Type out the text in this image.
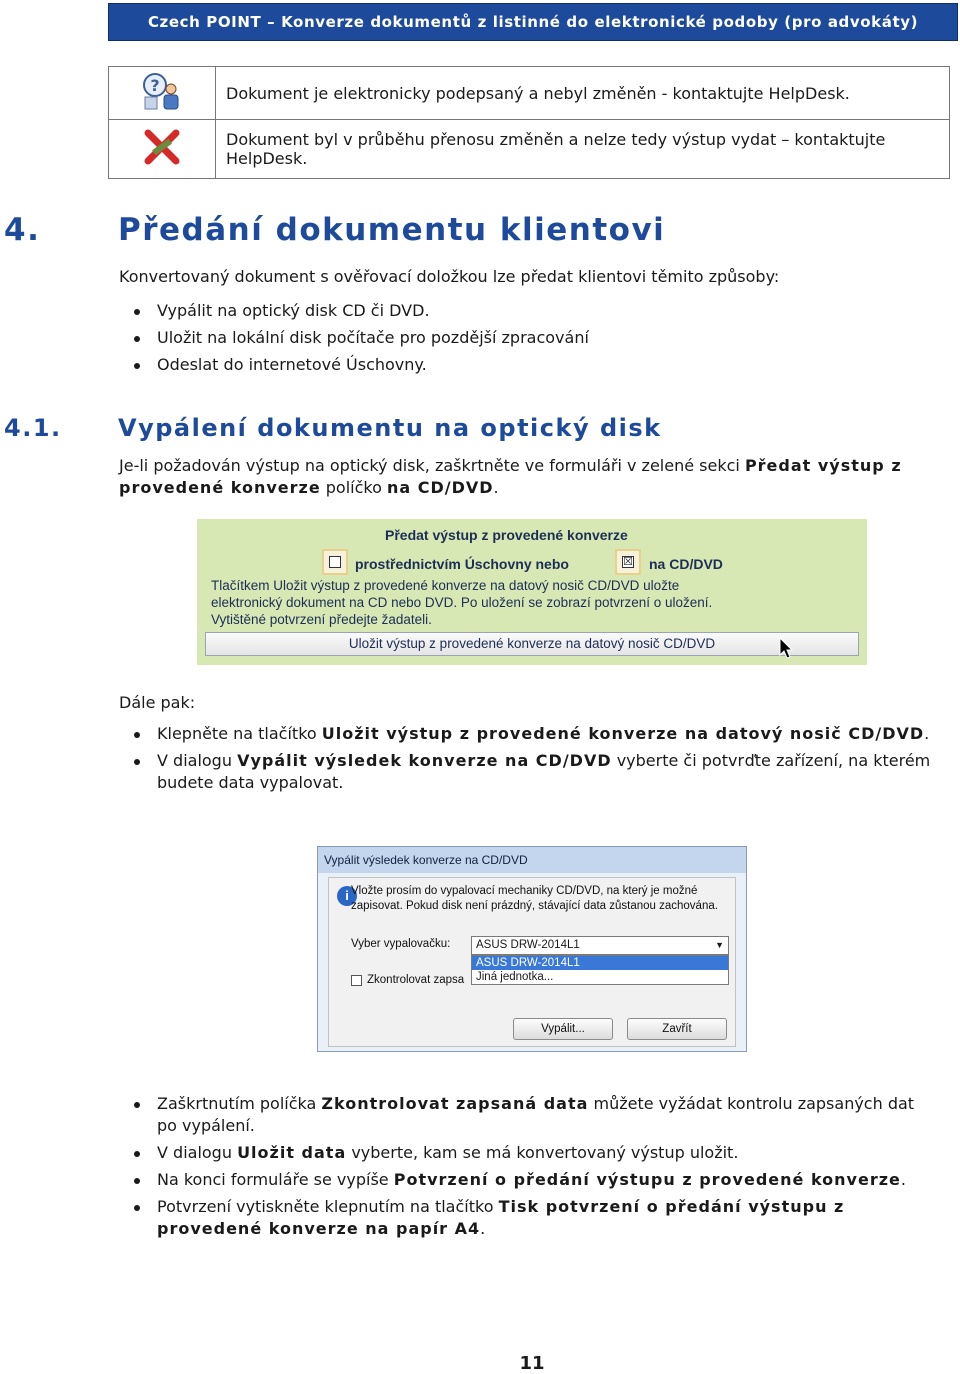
Czech POINT – Konverze dokumentů z listinné do elektronické podoby (pro advokáty)
?	Dokument je elektronicky podepsaný a nebyl změněn - kontaktujte HelpDesk.
	Dokument byl v průběhu přenosu změněn a nelze tedy výstup vydat – kontaktujte HelpDesk.
4.	Předání dokumentu klientovi
Konvertovaný dokument s ověřovací doložkou lze předat klientovi těmito způsoby:
Vypálit na optický disk CD či DVD.
Uložit na lokální disk počítače pro pozdější zpracování
Odeslat do internetové Úschovny.
4.1. Vypálení dokumentu na optický disk
Je-li požadován výstup na optický disk, zaškrtněte ve formuláři v zelené sekci Předat výstup z provedené konverze políčko na CD/DVD.
Předat výstup z provedené konverze
prostřednictvím Úschovny nebo	☒ na CD/DVD
Tlačítkem Uložit výstup z provedené konverze na datový nosič CD/DVD uložte
elektronický dokument na CD nebo DVD. Po uložení se zobrazí potvrzení o uložení.
Vytištěné potvrzení předejte žadateli.
Uložit výstup z provedené konverze na datový nosič CD/DVD
Dále pak:
Klepněte na tlačítko Uložit výstup z provedené konverze na datový nosič CD/DVD.
V dialogu Vypálit výsledek konverze na CD/DVD vyberte či potvrďte zařízení, na kterém budete data vypalovat.
Vypálit výsledek konverze na CD/DVD
i Vložte prosím do vypalovací mechaniky CD/DVD, na který je možné zapisovat. Pokud disk není prázdný, stávající data zůstanou zachována.
Vyber vypalovačku:	ASUS DRW-2014L1	▼
ASUS DRW-2014L1
Jiná jednotka...
Zkontrolovat zapsa
Vypálit...	Zavřít
Zaškrtnutím políčka Zkontrolovat zapsaná data můžete vyžádat kontrolu zapsaných dat po vypálení.
V dialogu Uložit data vyberte, kam se má konvertovaný výstup uložit.
Na konci formuláře se vypíše Potvrzení o předání výstupu z provedené konverze.
Potvrzení vytiskněte klepnutím na tlačítko Tisk potvrzení o předání výstupu z provedené konverze na papír A4.
11
